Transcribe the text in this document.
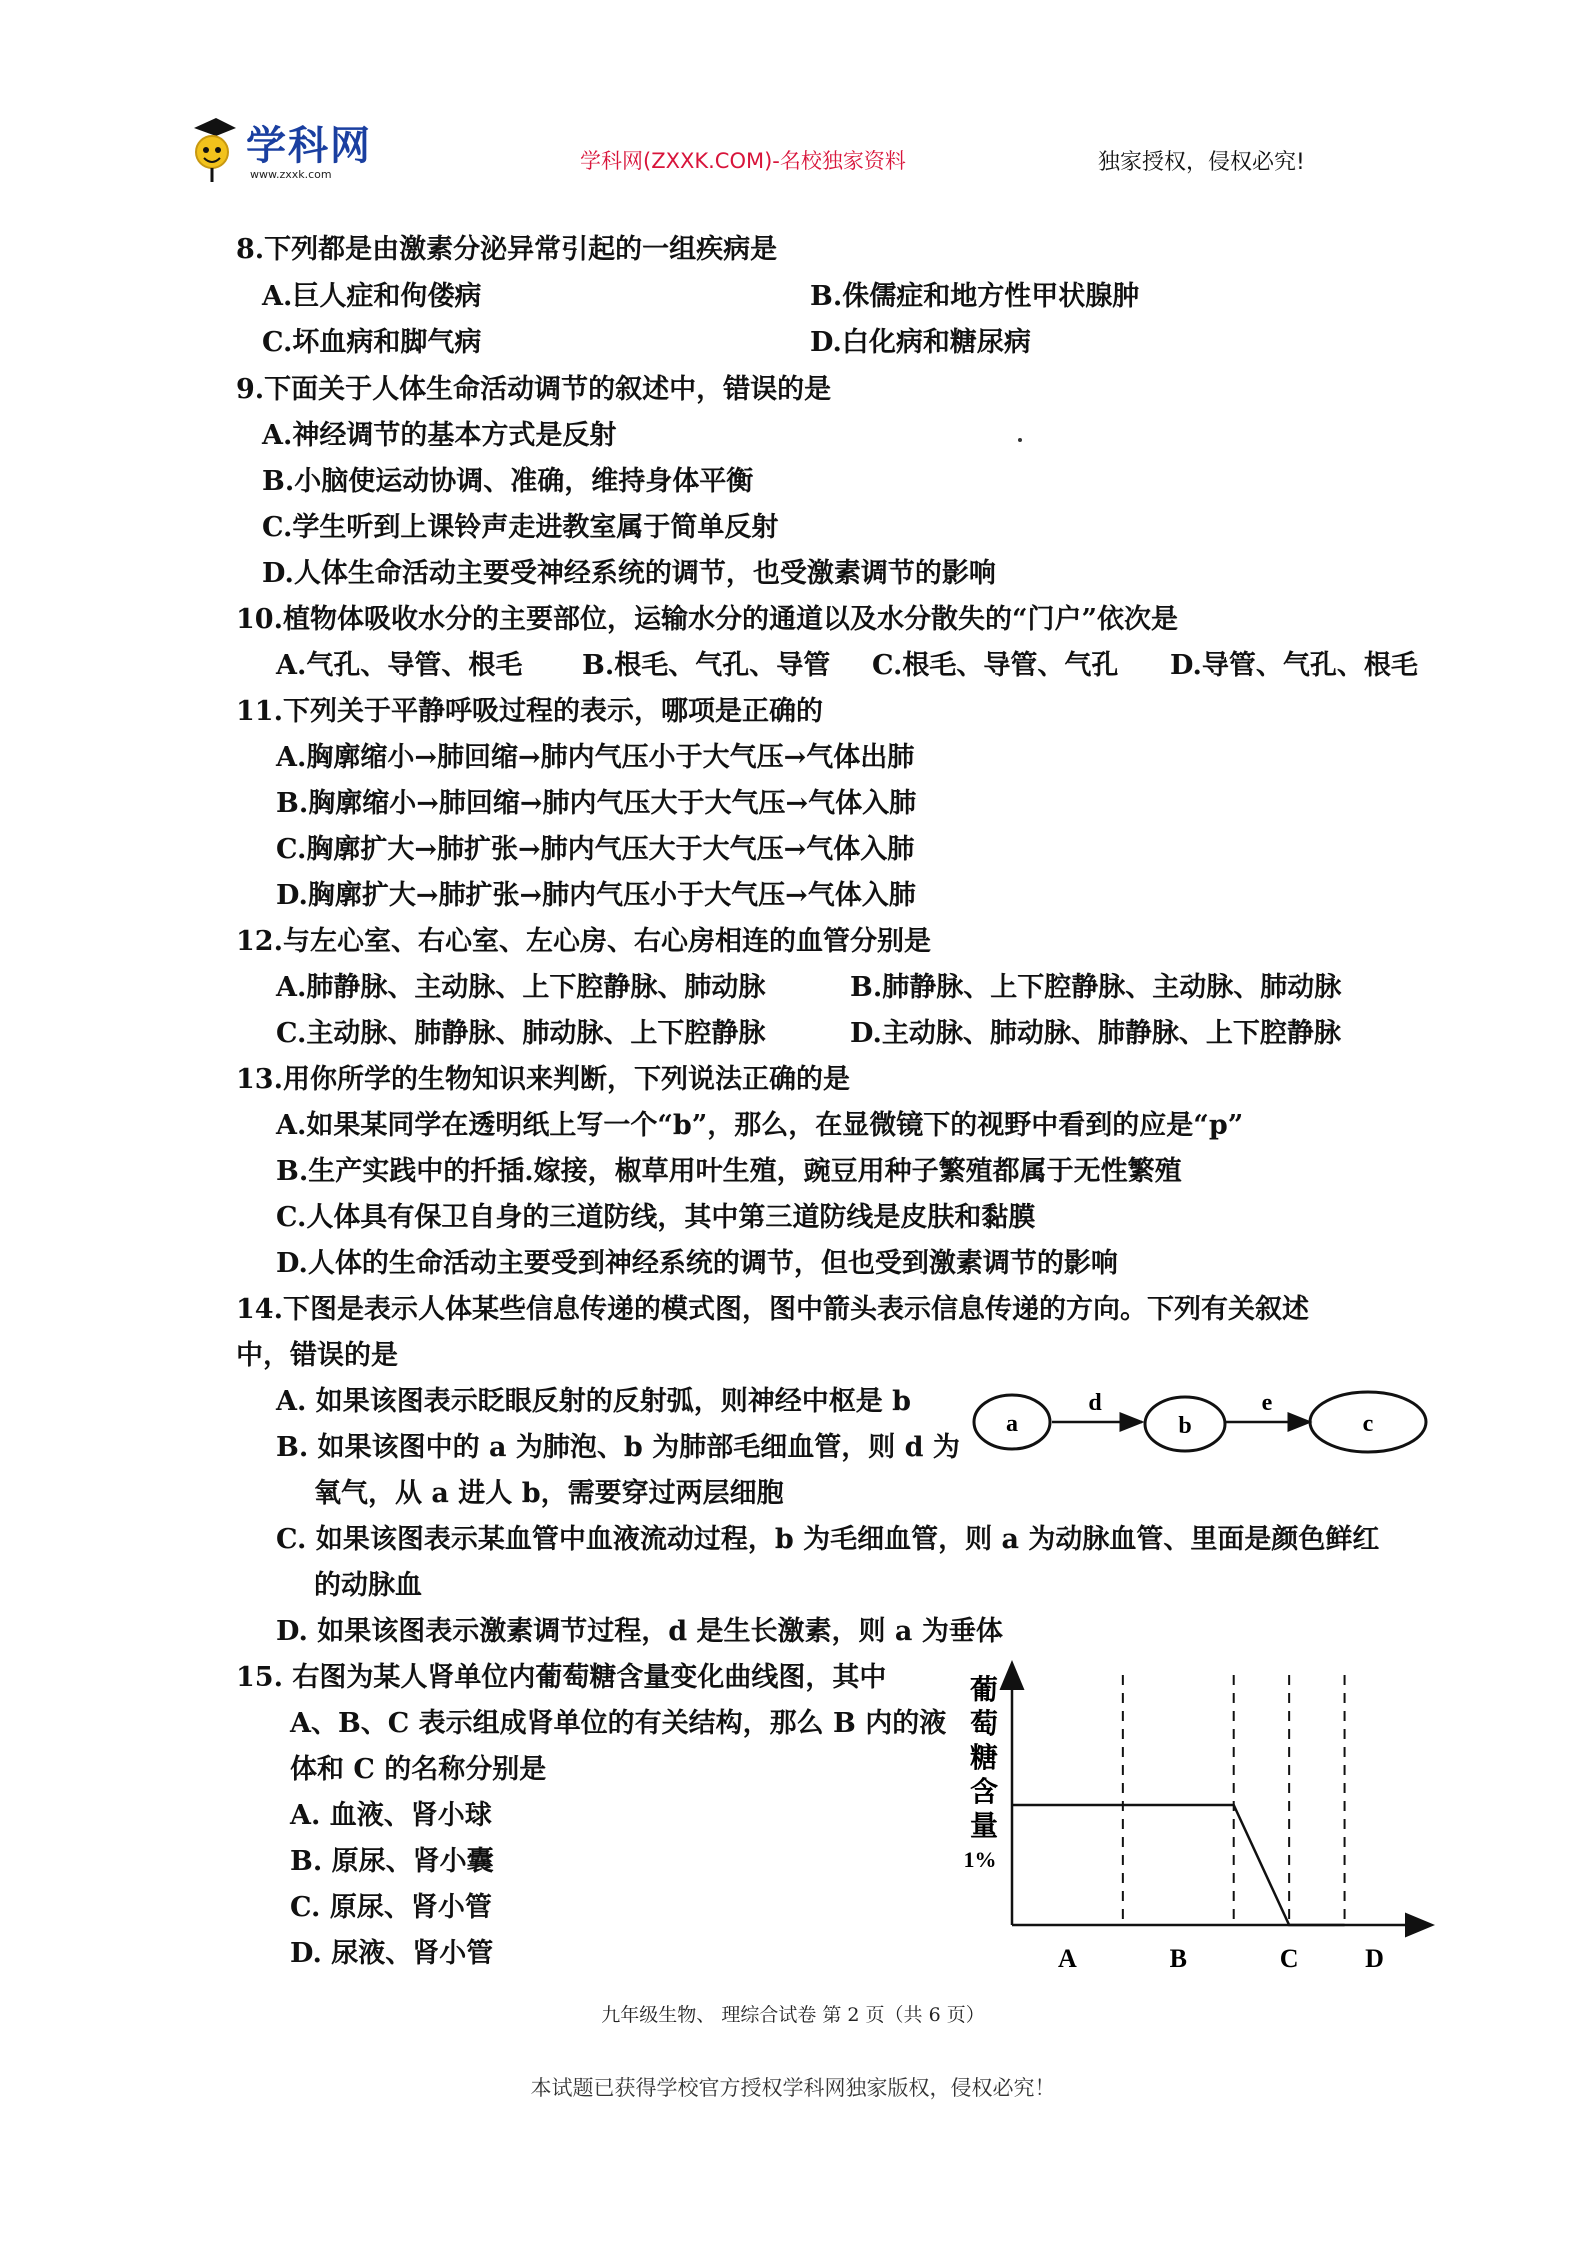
学科网
www.zxxk.com
学科网(ZXXK.COM)-名校独家资料	独家授权，侵权必究!
8.下列都是由激素分泌异常引起的一组疾病是
A.巨人症和佝偻病	B.侏儒症和地方性甲状腺肿
C.坏血病和脚气病	D.白化病和糖尿病
9.下面关于人体生命活动调节的叙述中，错误的是
A.神经调节的基本方式是反射
B.小脑使运动协调、准确，维持身体平衡
C.学生听到上课铃声走进教室属于简单反射
D.人体生命活动主要受神经系统的调节，也受激素调节的影响
10.植物体吸收水分的主要部位，运输水分的通道以及水分散失的“门户”依次是
A.气孔、导管、根毛 B.根毛、气孔、导管 C.根毛、导管、气孔 D.导管、气孔、根毛
11.下列关于平静呼吸过程的表示，哪项是正确的
A.胸廓缩小→肺回缩→肺内气压小于大气压→气体出肺
B.胸廓缩小→肺回缩→肺内气压大于大气压→气体入肺
C.胸廓扩大→肺扩张→肺内气压大于大气压→气体入肺
D.胸廓扩大→肺扩张→肺内气压小于大气压→气体入肺
12.与左心室、右心室、左心房、右心房相连的血管分别是
A.肺静脉、主动脉、上下腔静脉、肺动脉	B.肺静脉、上下腔静脉、主动脉、肺动脉
C.主动脉、肺静脉、肺动脉、上下腔静脉	D.主动脉、肺动脉、肺静脉、上下腔静脉
13.用你所学的生物知识来判断，下列说法正确的是
A.如果某同学在透明纸上写一个“b”，那么，在显微镜下的视野中看到的应是“p”
B.生产实践中的扦插.嫁接，椒草用叶生殖，豌豆用种子繁殖都属于无性繁殖
C.人体具有保卫自身的三道防线，其中第三道防线是皮肤和黏膜
D.人体的生命活动主要受到神经系统的调节，但也受到激素调节的影响
14.下图是表示人体某些信息传递的模式图，图中箭头表示信息传递的方向。下列有关叙述
中，错误的是
A. 如果该图表示眨眼反射的反射弧，则神经中枢是 b
B. 如果该图中的 a 为肺泡、b 为肺部毛细血管，则 d 为
氧气，从 a 进人 b，需要穿过两层细胞
C. 如果该图表示某血管中血液流动过程，b 为毛细血管，则 a 为动脉血管、里面是颜色鲜红
的动脉血
D. 如果该图表示激素调节过程，d 是生长激素，则 a 为垂体
a
d
b
e
c
15. 右图为某人肾单位内葡萄糖含量变化曲线图，其中
A、B、C 表示组成肾单位的有关结构，那么 B 内的液
体和 C 的名称分别是
A. 血液、肾小球
B. 原尿、肾小囊
C. 原尿、肾小管
D. 尿液、肾小管
葡
萄
糖
含
量
1%
A	B	C	D
九年级生物、 理综合试卷 第 2 页（共 6 页）
本试题已获得学校官方授权学科网独家版权，侵权必究！
